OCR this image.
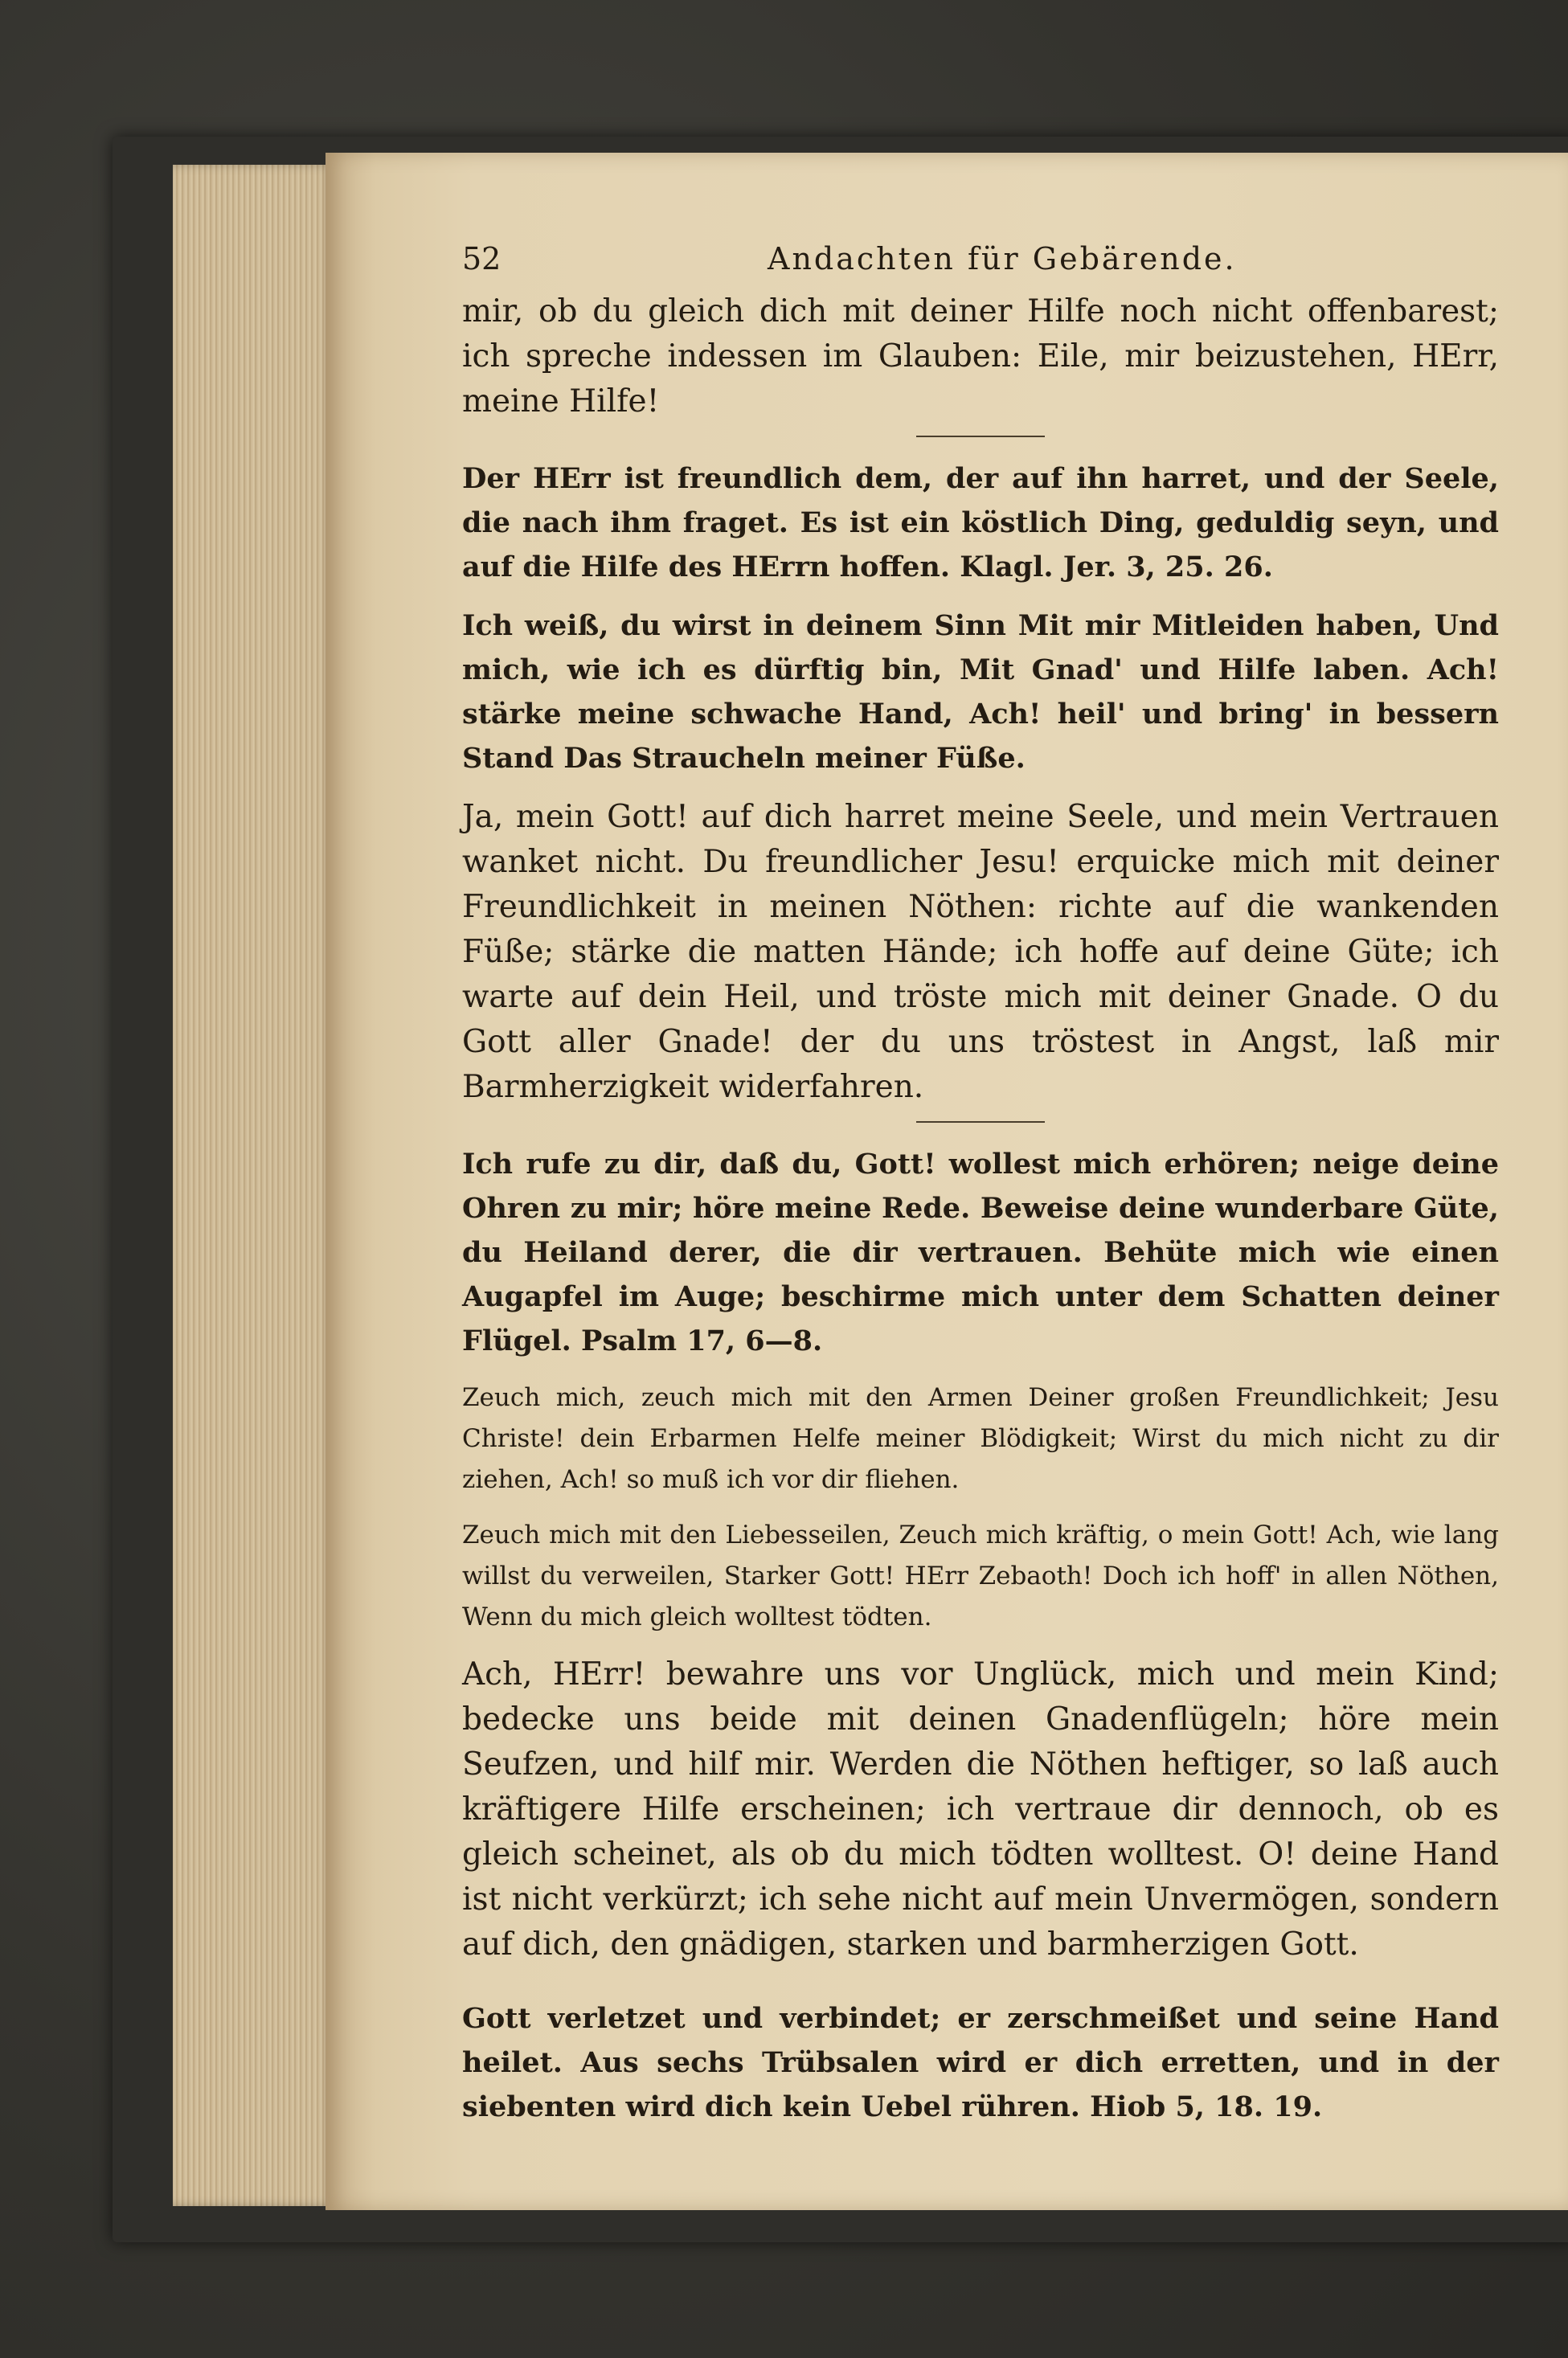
52	Andachten für Gebärende.

mir, ob du gleich dich mit deiner Hilfe noch nicht offenbarest; ich spreche indessen im Glauben: Eile, mir beizustehen, HErr, meine Hilfe!

Der HErr ist freundlich dem, der auf ihn harret, und der Seele, die nach ihm fraget. Es ist ein köstlich Ding, geduldig seyn, und auf die Hilfe des HErrn hoffen. Klagl. Jer. 3, 25. 26.

Ich weiß, du wirst in deinem Sinn Mit mir Mitleiden haben, Und mich, wie ich es dürftig bin, Mit Gnad' und Hilfe laben. Ach! stärke meine schwache Hand, Ach! heil' und bring' in bessern Stand Das Straucheln meiner Füße.

Ja, mein Gott! auf dich harret meine Seele, und mein Vertrauen wanket nicht. Du freundlicher Jesu! erquicke mich mit deiner Freundlichkeit in meinen Nöthen: richte auf die wankenden Füße; stärke die matten Hände; ich hoffe auf deine Güte; ich warte auf dein Heil, und tröste mich mit deiner Gnade. O du Gott aller Gnade! der du uns tröstest in Angst, laß mir Barmherzigkeit widerfahren.

Ich rufe zu dir, daß du, Gott! wollest mich erhören; neige deine Ohren zu mir; höre meine Rede. Beweise deine wunderbare Güte, du Heiland derer, die dir vertrauen. Behüte mich wie einen Augapfel im Auge; beschirme mich unter dem Schatten deiner Flügel. Psalm 17, 6—8.

Zeuch mich, zeuch mich mit den Armen Deiner großen Freundlichkeit; Jesu Christe! dein Erbarmen Helfe meiner Blödigkeit; Wirst du mich nicht zu dir ziehen, Ach! so muß ich vor dir fliehen.

Zeuch mich mit den Liebesseilen, Zeuch mich kräftig, o mein Gott! Ach, wie lang willst du verweilen, Starker Gott! HErr Zebaoth! Doch ich hoff' in allen Nöthen, Wenn du mich gleich wolltest tödten.

Ach, HErr! bewahre uns vor Unglück, mich und mein Kind; bedecke uns beide mit deinen Gnadenflügeln; höre mein Seufzen, und hilf mir. Werden die Nöthen heftiger, so laß auch kräftigere Hilfe erscheinen; ich vertraue dir dennoch, ob es gleich scheinet, als ob du mich tödten wolltest. O! deine Hand ist nicht verkürzt; ich sehe nicht auf mein Unvermögen, sondern auf dich, den gnädigen, starken und barmherzigen Gott.

Gott verletzet und verbindet; er zerschmeißet und seine Hand heilet. Aus sechs Trübsalen wird er dich erretten, und in der siebenten wird dich kein Uebel rühren. Hiob 5, 18. 19.
